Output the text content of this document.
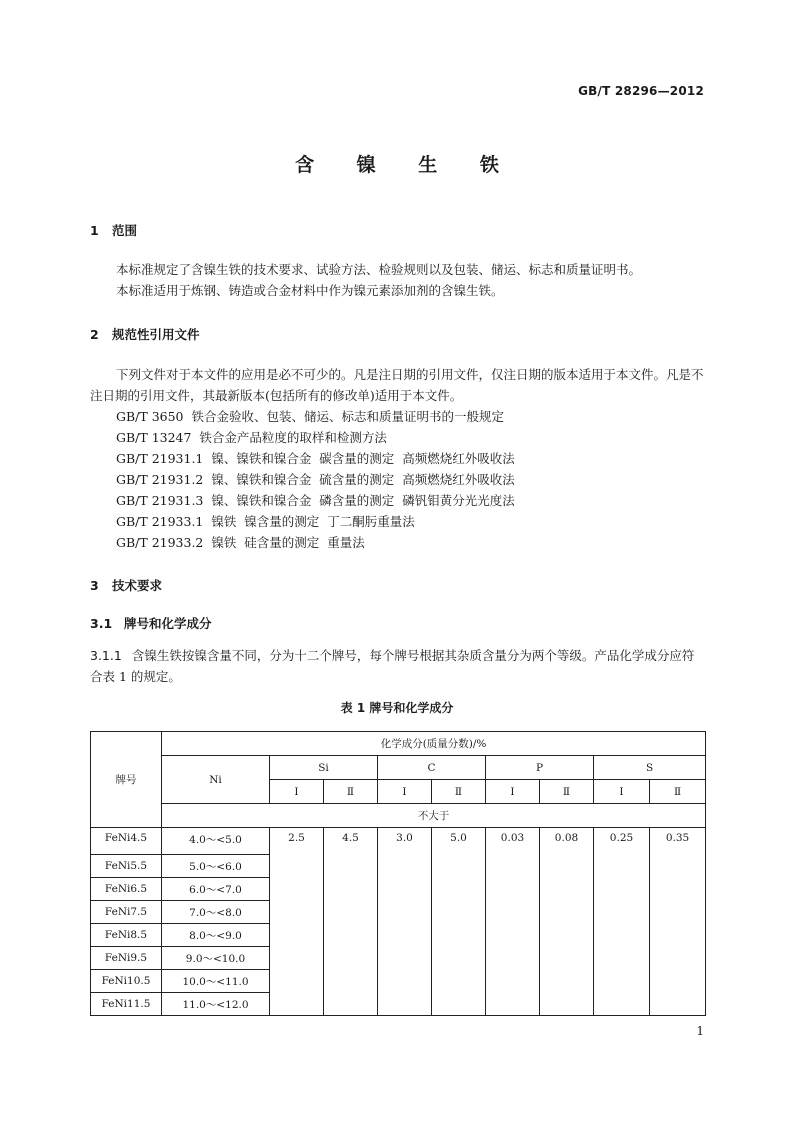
GB/T 28296—2012
含 镍 生 铁
1 范围
本标准规定了含镍生铁的技术要求、试验方法、检验规则以及包装、储运、标志和质量证明书。
本标准适用于炼钢、铸造或合金材料中作为镍元素添加剂的含镍生铁。
2 规范性引用文件
下列文件对于本文件的应用是必不可少的。凡是注日期的引用文件，仅注日期的版本适用于本文件。凡是不注日期的引用文件，其最新版本(包括所有的修改单)适用于本文件。
GB/T 3650  铁合金验收、包装、储运、标志和质量证明书的一般规定
GB/T 13247  铁合金产品粒度的取样和检测方法
GB/T 21931.1  镍、镍铁和镍合金  碳含量的测定  高频燃烧红外吸收法
GB/T 21931.2  镍、镍铁和镍合金  硫含量的测定  高频燃烧红外吸收法
GB/T 21931.3  镍、镍铁和镍合金  磷含量的测定  磷钒钼黄分光光度法
GB/T 21933.1  镍铁  镍含量的测定  丁二酮肟重量法
GB/T 21933.2  镍铁  硅含量的测定  重量法
3 技术要求
3.1 牌号和化学成分
3.1.1 含镍生铁按镍含量不同，分为十二个牌号，每个牌号根据其杂质含量分为两个等级。产品化学成分应符合表 1 的规定。
表 1 牌号和化学成分
牌号	化学成分(质量分数)/%								
	Ni	Si		C		P		S	
		Ⅰ	Ⅱ	Ⅰ	Ⅱ	Ⅰ	Ⅱ	Ⅰ	Ⅱ
	不大于								
FeNi4.5	4.0～<5.0	2.5	4.5	3.0	5.0	0.03	0.08	0.25	0.35
FeNi5.5	5.0～<6.0								
FeNi6.5	6.0～<7.0								
FeNi7.5	7.0～<8.0								
FeNi8.5	8.0～<9.0								
FeNi9.5	9.0～<10.0								
FeNi10.5	10.0～<11.0								
FeNi11.5	11.0～<12.0								
1
